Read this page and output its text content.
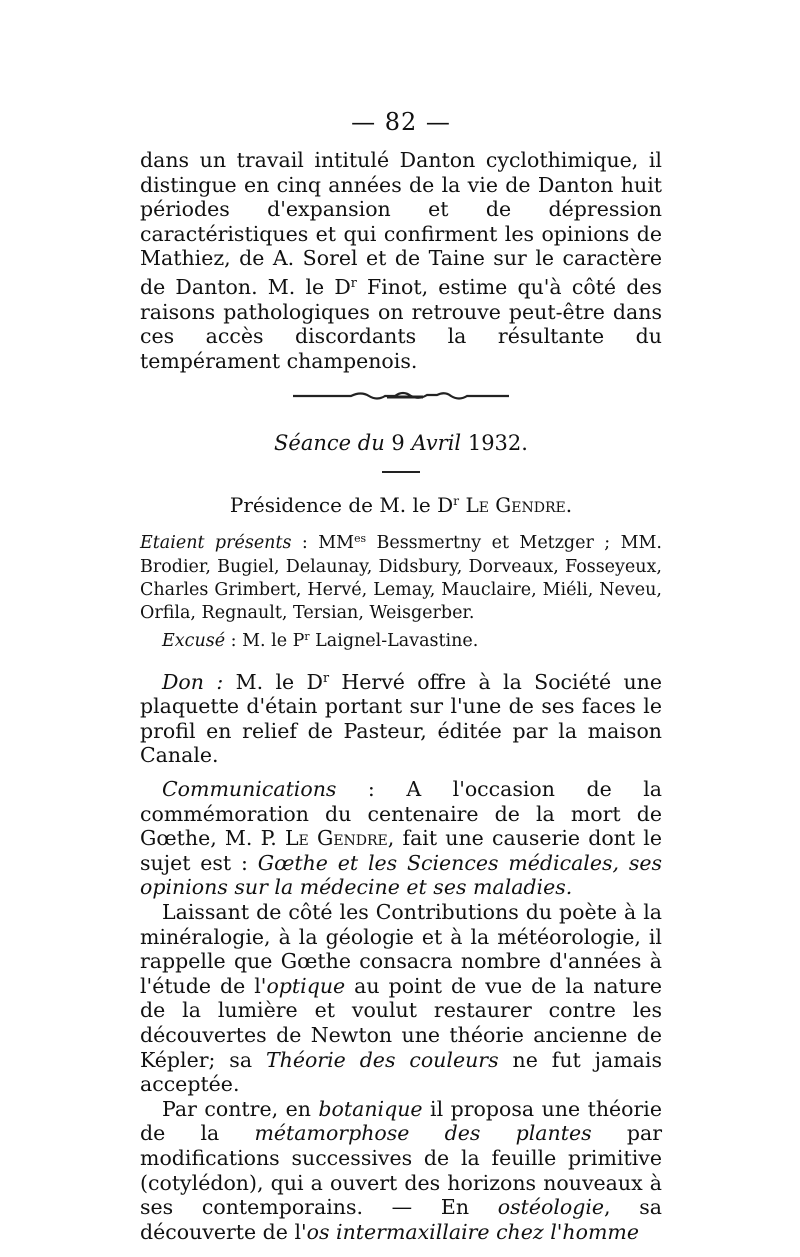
— 82 —

dans un travail intitulé Danton cyclothimique, il distingue en cinq années de la vie de Danton huit périodes d'expansion et de dépression caractéristiques et qui confirment les opinions de Mathiez, de A. Sorel et de Taine sur le caractère de Danton. M. le $D^r$ Finot, estime qu'à côté des raisons pathologiques on retrouve peut-être dans ces accès discordants la résultante du tempérament champenois.

Séance du 9 Avril 1932.
Présidence de M. le $D^r$ Le Gendre.

Etaient présents : $MM^{es}$ Bessmertny et Metzger ; MM. Brodier, Bugiel, Delaunay, Didsbury, Dorveaux, Fosseyeux, Charles Grimbert, Hervé, Lemay, Mauclaire, Miéli, Neveu, Orfila, Regnault, Tersian, Weisgerber.

Excusé : M. le $P^r$ Laignel-Lavastine.

Don : M. le $D^r$ Hervé offre à la Société une plaquette d'étain portant sur l'une de ses faces le profil en relief de Pasteur, éditée par la maison Canale.

Communications : A l'occasion de la commémoration du centenaire de la mort de Gœthe, M. P. Le Gendre, fait une causerie dont le sujet est : Gœthe et les Sciences médicales, ses opinions sur la médecine et ses maladies.

Laissant de côté les Contributions du poète à la minéralogie, à la géologie et à la météorologie, il rappelle que Gœthe consacra nombre d'années à l'étude de l'optique au point de vue de la nature de la lumière et voulut restaurer contre les découvertes de Newton une théorie ancienne de Képler; sa Théorie des couleurs ne fut jamais acceptée.

Par contre, en botanique il proposa une théorie de la métamorphose des plantes par modifications successives de la feuille primitive (cotylédon), qui a ouvert des horizons nouveaux à ses contemporains. — En ostéologie, sa découverte de l'os intermaxillaire chez l'homme
